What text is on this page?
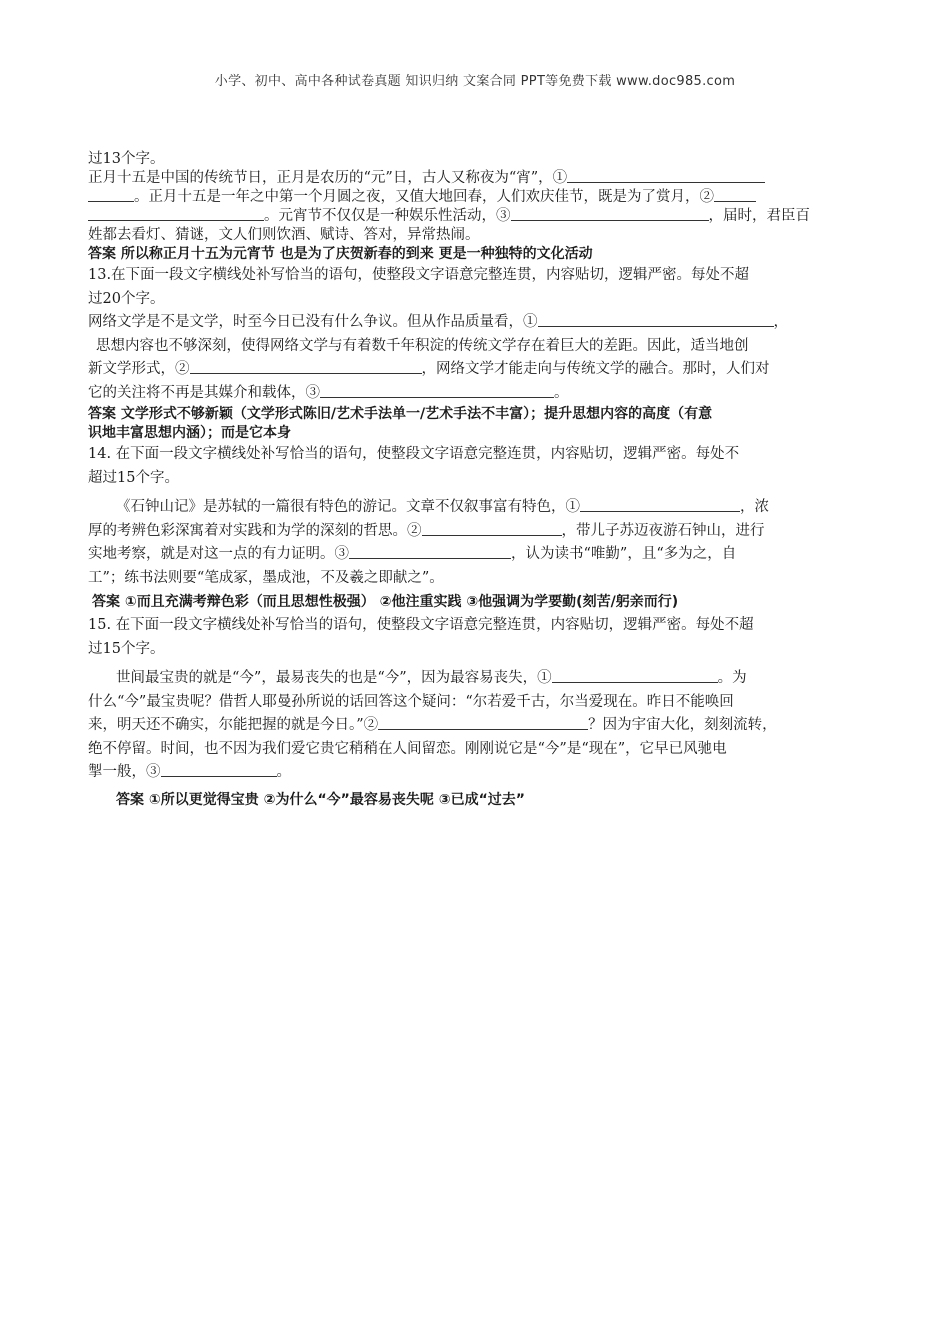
小学、初中、高中各种试卷真题 知识归纳 文案合同 PPT等免费下载 www.doc985.com
过13个字。
正月十五是中国的传统节日，正月是农历的“元”日，古人又称夜为“宵”，①
。正月十五是一年之中第一个月圆之夜，又值大地回春，人们欢庆佳节，既是为了赏月，②
。元宵节不仅仅是一种娱乐性活动，③	，届时，君臣百
姓都去看灯、猜谜，文人们则饮酒、赋诗、答对，异常热闹。
答案 所以称正月十五为元宵节 也是为了庆贺新春的到来 更是一种独特的文化活动
13.在下面一段文字横线处补写恰当的语句，使整段文字语意完整连贯，内容贴切，逻辑严密。每处不超
过20个字。
网络文学是不是文学，时至今日已没有什么争议。但从作品质量看，①	，
思想内容也不够深刻，使得网络文学与有着数千年积淀的传统文学存在着巨大的差距。因此，适当地创
新文学形式，②	，网络文学才能走向与传统文学的融合。那时，人们对
它的关注将不再是其媒介和载体，③	。
答案 文学形式不够新颖（文学形式陈旧/艺术手法单一/艺术手法不丰富）；提升思想内容的高度（有意
识地丰富思想内涵）；而是它本身
14. 在下面一段文字横线处补写恰当的语句，使整段文字语意完整连贯，内容贴切，逻辑严密。每处不
超过15个字。
《石钟山记》是苏轼的一篇很有特色的游记。文章不仅叙事富有特色，①	，浓
厚的考辨色彩深寓着对实践和为学的深刻的哲思。②	，带儿子苏迈夜游石钟山，进行
实地考察，就是对这一点的有力证明。③	，认为读书“唯勤”，且“多为之，自
工”；练书法则要“笔成冢，墨成池，不及羲之即献之”。
答案 ①而且充满考辩色彩（而且思想性极强） ②他注重实践 ③他强调为学要勤(刻苦/躬亲而行)
15. 在下面一段文字横线处补写恰当的语句，使整段文字语意完整连贯，内容贴切，逻辑严密。每处不超
过15个字。
世间最宝贵的就是“今”，最易丧失的也是“今”，因为最容易丧失，①	。为
什么“今”最宝贵呢？借哲人耶曼孙所说的话回答这个疑问：“尔若爱千古，尔当爱现在。昨日不能唤回
来，明天还不确实，尔能把握的就是今日。”②	？因为宇宙大化，刻刻流转，
绝不停留。时间，也不因为我们爱它贵它稍稍在人间留恋。刚刚说它是“今”是“现在”，它早已风驰电
掣一般，③	。
答案 ①所以更觉得宝贵 ②为什么“今”最容易丧失呢 ③已成“过去”
